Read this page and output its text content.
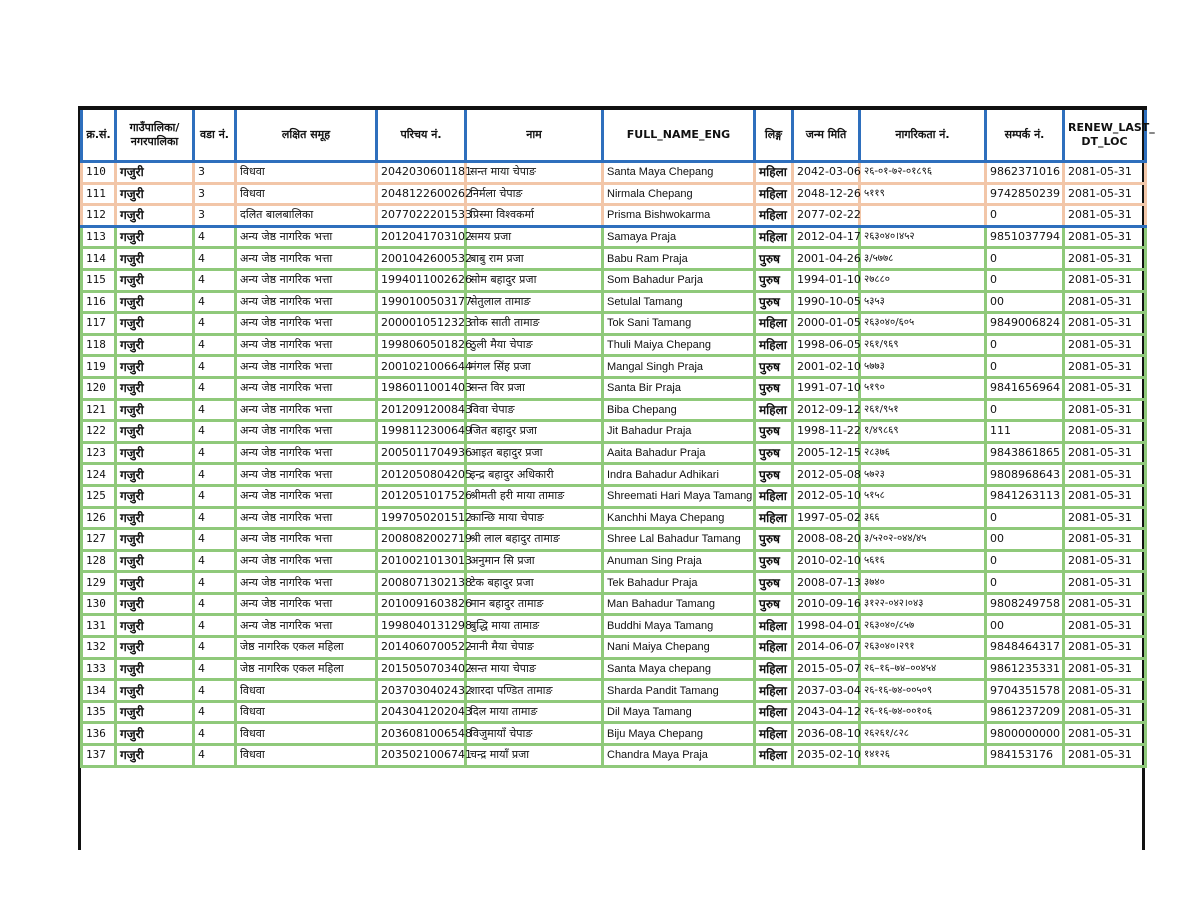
क्र.सं.	गाउँपालिका/ नगरपालिका	वडा नं.	लक्षित समूह	परिचय नं.	नाम	FULL_NAME_ENG	लिङ्ग	जन्म मिति	नागरिकता नं.	सम्पर्क नं.	RENEW_LAST_ DT_LOC
110	गजुरी	3	विधवा	2042030601181	सन्त माया चेपाङ	Santa Maya Chepang	महिला	2042-03-06	२६-०१-७२-०१८९६	9862371016	2081-05-31
111	गजुरी	3	विधवा	2048122600262	निर्मला चेपाङ	Nirmala Chepang	महिला	2048-12-26	५११९	9742850239	2081-05-31
112	गजुरी	3	दलित बालबालिका	2077022201533	प्रिस्मा विश्वकर्मा	Prisma Bishwokarma	महिला	2077-02-22		0	2081-05-31
113	गजुरी	4	अन्य जेष्ठ नागरिक भत्ता	2012041703102	समय प्रजा	Samaya Praja	महिला	2012-04-17	२६३०४०।४५२	9851037794	2081-05-31
114	गजुरी	4	अन्य जेष्ठ नागरिक भत्ता	2001042600532	बाबु राम प्रजा	Babu Ram Praja	पुरुष	2001-04-26	३/५७७८	0	2081-05-31
115	गजुरी	4	अन्य जेष्ठ नागरिक भत्ता	1994011002626	सोम बहादुर प्रजा	Som Bahadur Parja	पुरुष	1994-01-10	२७८८०	0	2081-05-31
116	गजुरी	4	अन्य जेष्ठ नागरिक भत्ता	1990100503177	सेतुलाल तामाङ	Setulal Tamang	पुरुष	1990-10-05	५३५३	00	2081-05-31
117	गजुरी	4	अन्य जेष्ठ नागरिक भत्ता	2000010512323	तोक साती तामाङ	Tok Sani Tamang	महिला	2000-01-05	२६३०४०/६०५	9849006824	2081-05-31
118	गजुरी	4	अन्य जेष्ठ नागरिक भत्ता	1998060501826	ठुली मैया चेपाङ	Thuli Maiya Chepang	महिला	1998-06-05	२६१/९६९	0	2081-05-31
119	गजुरी	4	अन्य जेष्ठ नागरिक भत्ता	2001021006644	मंगल सिंह प्रजा	Mangal Singh Praja	पुरुष	2001-02-10	५७७३	0	2081-05-31
120	गजुरी	4	अन्य जेष्ठ नागरिक भत्ता	1986011001403	सन्त विर प्रजा	Santa Bir Praja	पुरुष	1991-07-10	५१९०	9841656964	2081-05-31
121	गजुरी	4	अन्य जेष्ठ नागरिक भत्ता	2012091200843	विवा चेपाङ	Biba Chepang	महिला	2012-09-12	२६१/९५१	0	2081-05-31
122	गजुरी	4	अन्य जेष्ठ नागरिक भत्ता	1998112300649	जित बहादुर प्रजा	Jit Bahadur Praja	पुरुष	1998-11-22	१/४९८६९	111	2081-05-31
123	गजुरी	4	अन्य जेष्ठ नागरिक भत्ता	2005011704936	आइत बहादुर प्रजा	Aaita Bahadur Praja	पुरुष	2005-12-15	२८३७६	9843861865	2081-05-31
124	गजुरी	4	अन्य जेष्ठ नागरिक भत्ता	2012050804205	इन्द्र बहादुर अधिकारी	Indra Bahadur Adhikari	पुरुष	2012-05-08	५७२३	9808968643	2081-05-31
125	गजुरी	4	अन्य जेष्ठ नागरिक भत्ता	2012051017526	श्रीमती हरी माया तामाङ	Shreemati Hari Maya Tamang	महिला	2012-05-10	५१५८	9841263113	2081-05-31
126	गजुरी	4	अन्य जेष्ठ नागरिक भत्ता	1997050201512	कान्छि माया चेपाङ	Kanchhi Maya Chepang	महिला	1997-05-02	३६६	0	2081-05-31
127	गजुरी	4	अन्य जेष्ठ नागरिक भत्ता	2008082002719	श्री लाल बहादुर तामाङ	Shree Lal Bahadur Tamang	पुरुष	2008-08-20	३/५२०२-०४४/४५	00	2081-05-31
128	गजुरी	4	अन्य जेष्ठ नागरिक भत्ता	2010021013013	अनुमान सि प्रजा	Anuman Sing Praja	पुरुष	2010-02-10	५६१६	0	2081-05-31
129	गजुरी	4	अन्य जेष्ठ नागरिक भत्ता	2008071302138	टेक बहादुर प्रजा	Tek Bahadur Praja	पुरुष	2008-07-13	३७४०	0	2081-05-31
130	गजुरी	4	अन्य जेष्ठ नागरिक भत्ता	2010091603826	मान बहादुर तामाङ	Man Bahadur Tamang	पुरुष	2010-09-16	३१२२-०४२।०४३	9808249758	2081-05-31
131	गजुरी	4	अन्य जेष्ठ नागरिक भत्ता	1998040131298	बुद्धि माया तामाङ	Buddhi Maya Tamang	महिला	1998-04-01	२६३०४०/८५७	00	2081-05-31
132	गजुरी	4	जेष्ठ नागरिक एकल महिला	2014060700522	नानी मैया चेपाङ	Nani Maiya Chepang	महिला	2014-06-07	२६३०४०।२९१	9848464317	2081-05-31
133	गजुरी	4	जेष्ठ नागरिक एकल महिला	2015050703402	सन्त माया चेपाङ	Santa Maya chepang	महिला	2015-05-07	२६–१६–७४–००४५४	9861235331	2081-05-31
134	गजुरी	4	विधवा	2037030402432	शारदा पण्डित तामाङ	Sharda Pandit Tamang	महिला	2037-03-04	२६-१६-७४-००५०९	9704351578	2081-05-31
135	गजुरी	4	विधवा	2043041202043	दिल माया तामाङ	Dil Maya Tamang	महिला	2043-04-12	२६-१६-७४-००१०६	9861237209	2081-05-31
136	गजुरी	4	विधवा	2036081006548	विजुमायाँ चेपाङ	Biju Maya Chepang	महिला	2036-08-10	२६२६१/८२८	9800000000	2081-05-31
137	गजुरी	4	विधवा	2035021006741	चन्द्र मायाँ प्रजा	Chandra Maya Praja	महिला	2035-02-10	१४१२६	984153176	2081-05-31
